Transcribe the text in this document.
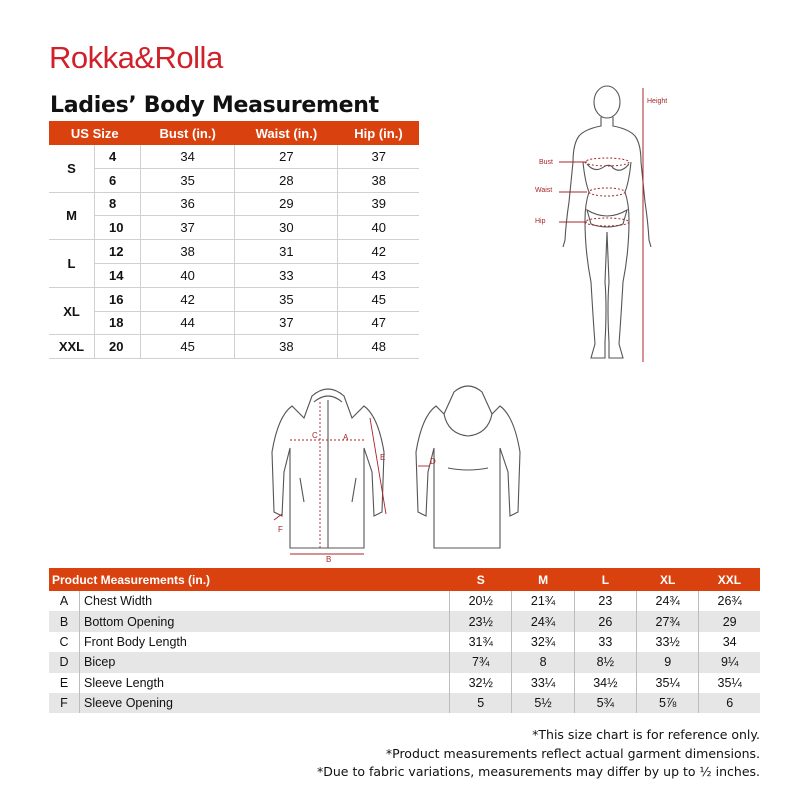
Rokka&Rolla
Ladies’ Body Measurement
US Size		Bust (in.)	Waist (in.)	Hip (in.)
S	4	34	27	37
	6	35	28	38
M	8	36	29	39
	10	37	30	40
L	12	38	31	42
	14	40	33	43
XL	16	42	35	45
	18	44	37	47
XXL	20	45	38	48
Height
Bust
Waist
Hip
A
B
C
D
E
F
Product Measurements (in.)		S	M	L	XL	XXL
A	Chest Width	20½	21¾	23	24¾	26¾
B	Bottom Opening	23½	24¾	26	27¾	29
C	Front Body Length	31¾	32¾	33	33½	34
D	Bicep	7¾	8	8½	9	9¼
E	Sleeve Length	32½	33¼	34½	35¼	35¼
F	Sleeve Opening	5	5½	5¾	5⅞	6
*This size chart is for reference only.
*Product measurements reflect actual garment dimensions.
*Due to fabric variations, measurements may differ by up to ½ inches.
